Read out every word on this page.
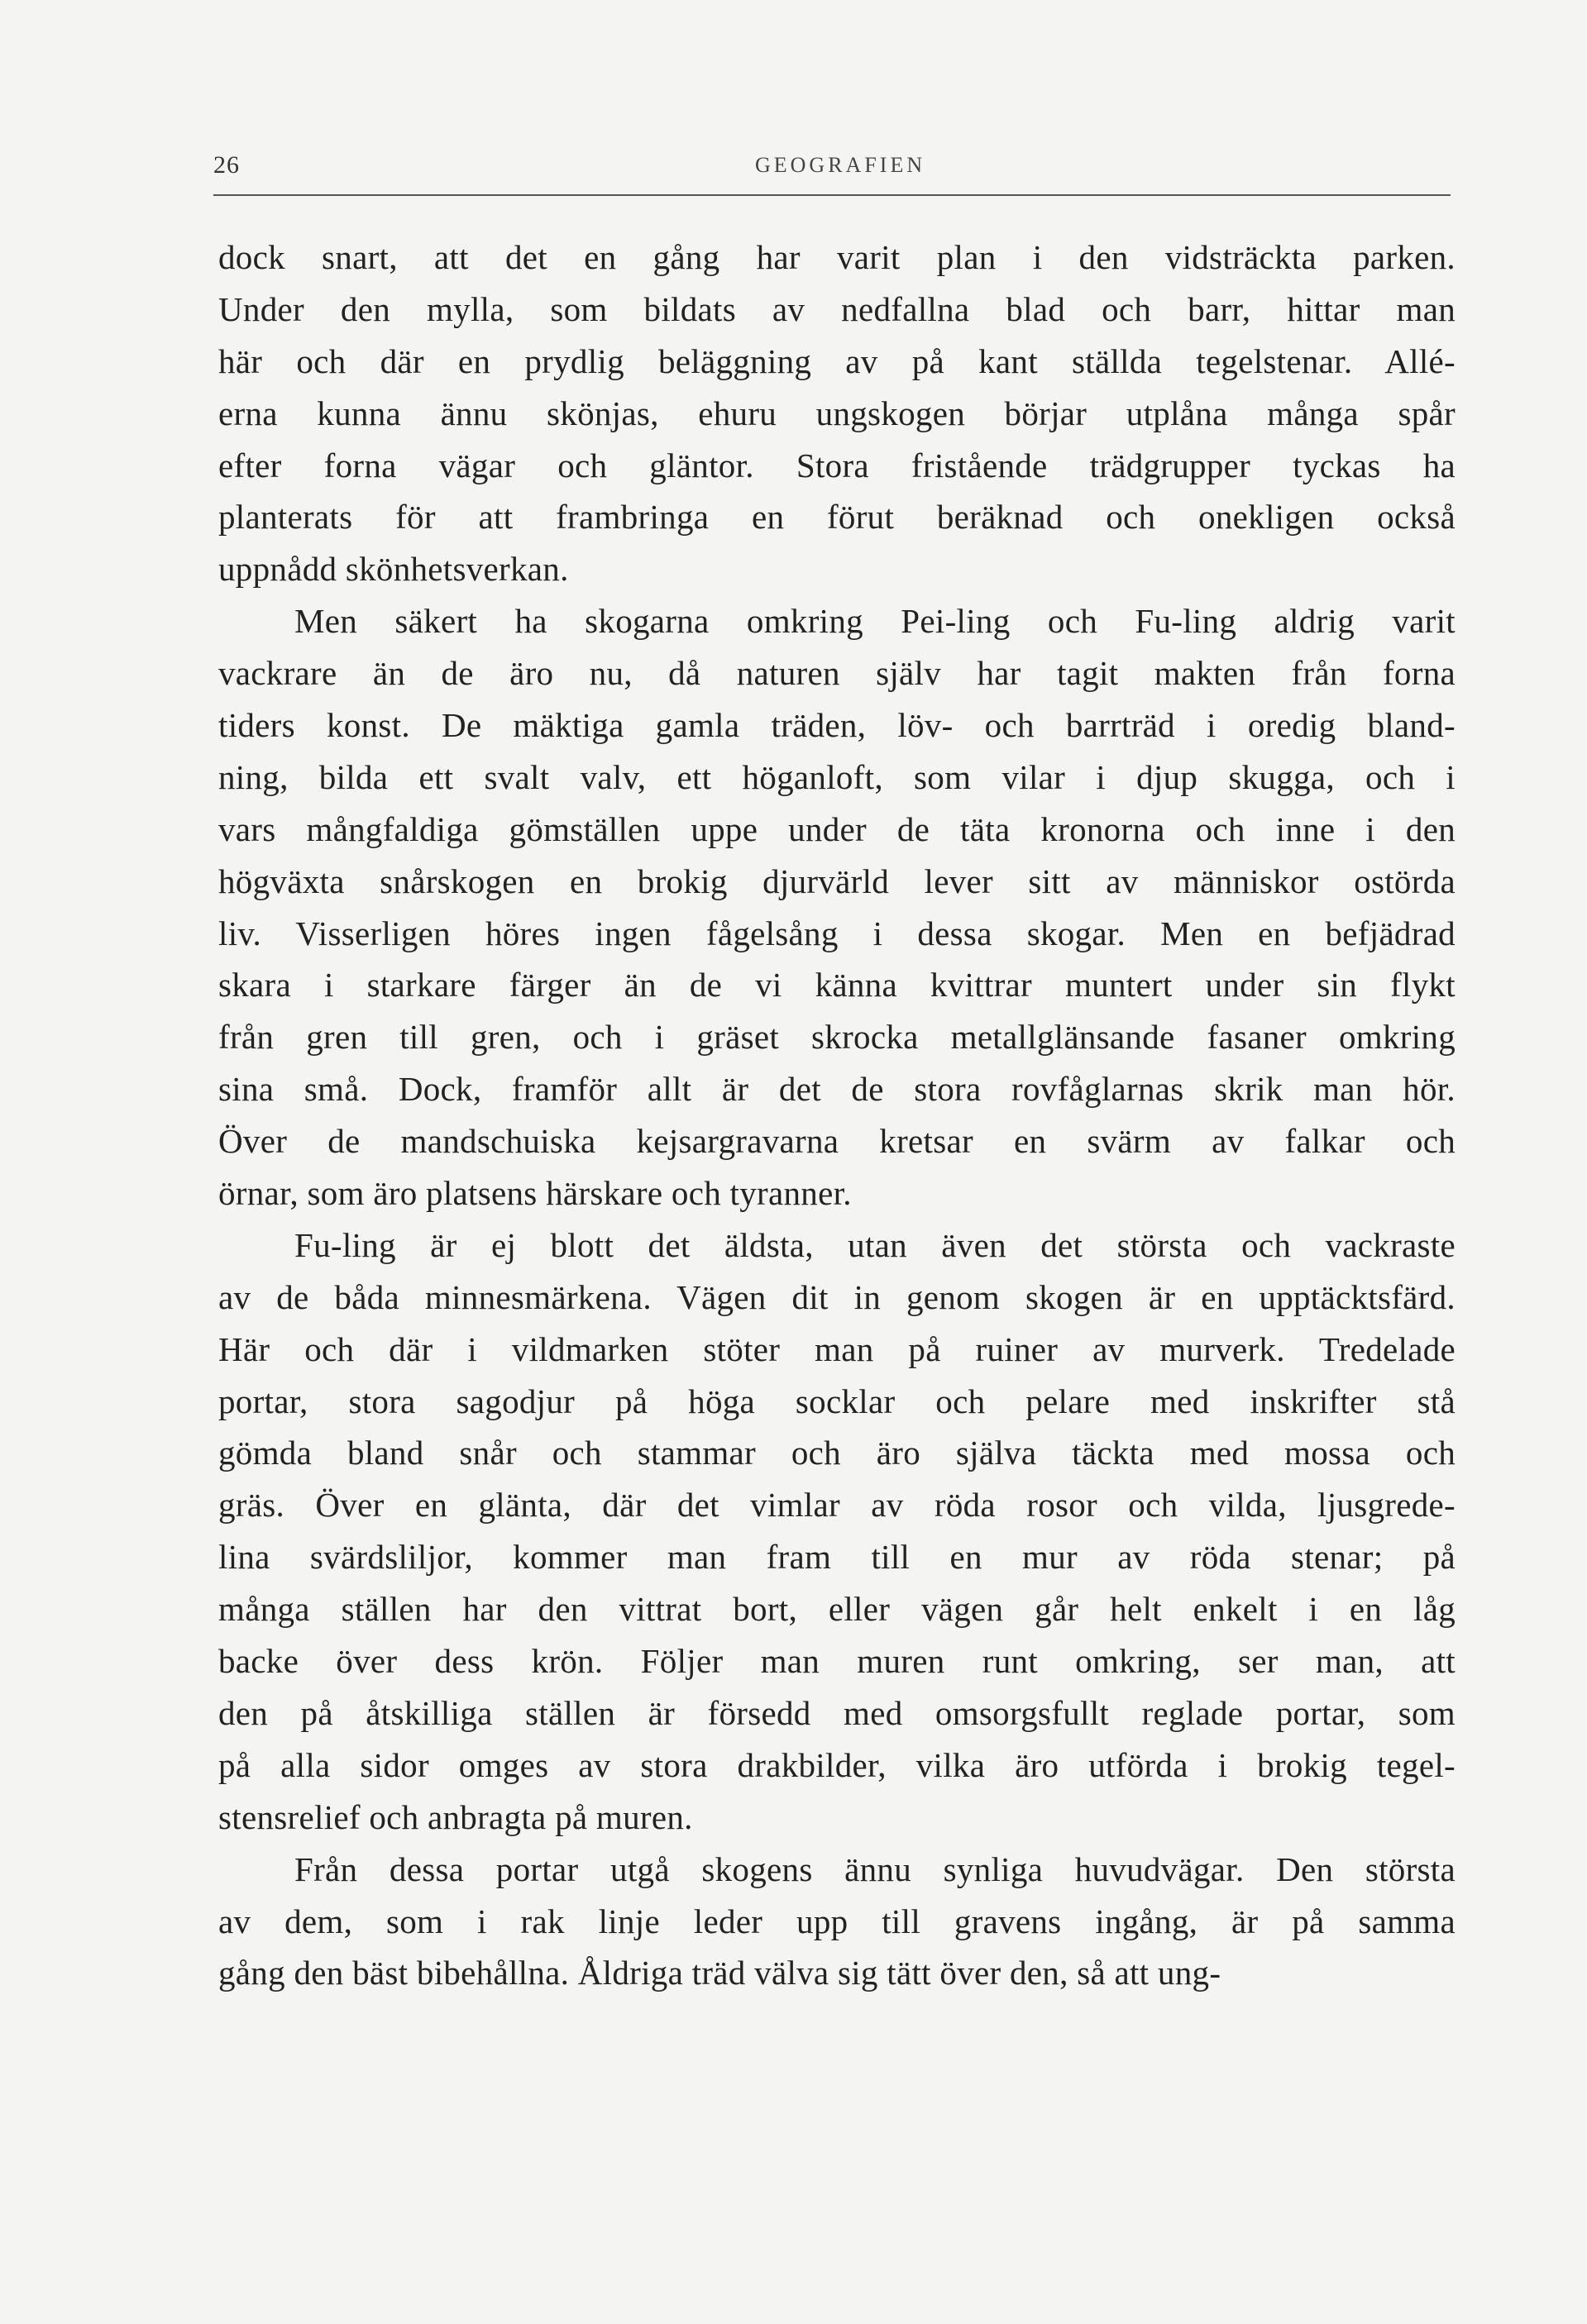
26	GEOGRAFIEN
dock snart, att det en gång har varit plan i den vidsträckta parken.
Under den mylla, som bildats av nedfallna blad och barr, hittar man
här och där en prydlig beläggning av på kant ställda tegelstenar. Allé-
erna kunna ännu skönjas, ehuru ungskogen börjar utplåna många spår
efter forna vägar och gläntor. Stora fristående trädgrupper tyckas ha
planterats för att frambringa en förut beräknad och onekligen också
uppnådd skönhetsverkan.
Men säkert ha skogarna omkring Pei-ling och Fu-ling aldrig varit
vackrare än de äro nu, då naturen själv har tagit makten från forna
tiders konst. De mäktiga gamla träden, löv- och barrträd i oredig bland-
ning, bilda ett svalt valv, ett höganloft, som vilar i djup skugga, och i
vars mångfaldiga gömställen uppe under de täta kronorna och inne i den
högväxta snårskogen en brokig djurvärld lever sitt av människor ostörda
liv. Visserligen höres ingen fågelsång i dessa skogar. Men en befjädrad
skara i starkare färger än de vi känna kvittrar muntert under sin flykt
från gren till gren, och i gräset skrocka metallglänsande fasaner omkring
sina små. Dock, framför allt är det de stora rovfåglarnas skrik man hör.
Över de mandschuiska kejsargravarna kretsar en svärm av falkar och
örnar, som äro platsens härskare och tyranner.
Fu-ling är ej blott det äldsta, utan även det största och vackraste
av de båda minnesmärkena. Vägen dit in genom skogen är en upptäcktsfärd.
Här och där i vildmarken stöter man på ruiner av murverk. Tredelade
portar, stora sagodjur på höga socklar och pelare med inskrifter stå
gömda bland snår och stammar och äro själva täckta med mossa och
gräs. Över en glänta, där det vimlar av röda rosor och vilda, ljusgrede-
lina svärdsliljor, kommer man fram till en mur av röda stenar; på
många ställen har den vittrat bort, eller vägen går helt enkelt i en låg
backe över dess krön. Följer man muren runt omkring, ser man, att
den på åtskilliga ställen är försedd med omsorgsfullt reglade portar, som
på alla sidor omges av stora drakbilder, vilka äro utförda i brokig tegel-
stensrelief och anbragta på muren.
Från dessa portar utgå skogens ännu synliga huvudvägar. Den största
av dem, som i rak linje leder upp till gravens ingång, är på samma
gång den bäst bibehållna. Åldriga träd välva sig tätt över den, så att ung-
